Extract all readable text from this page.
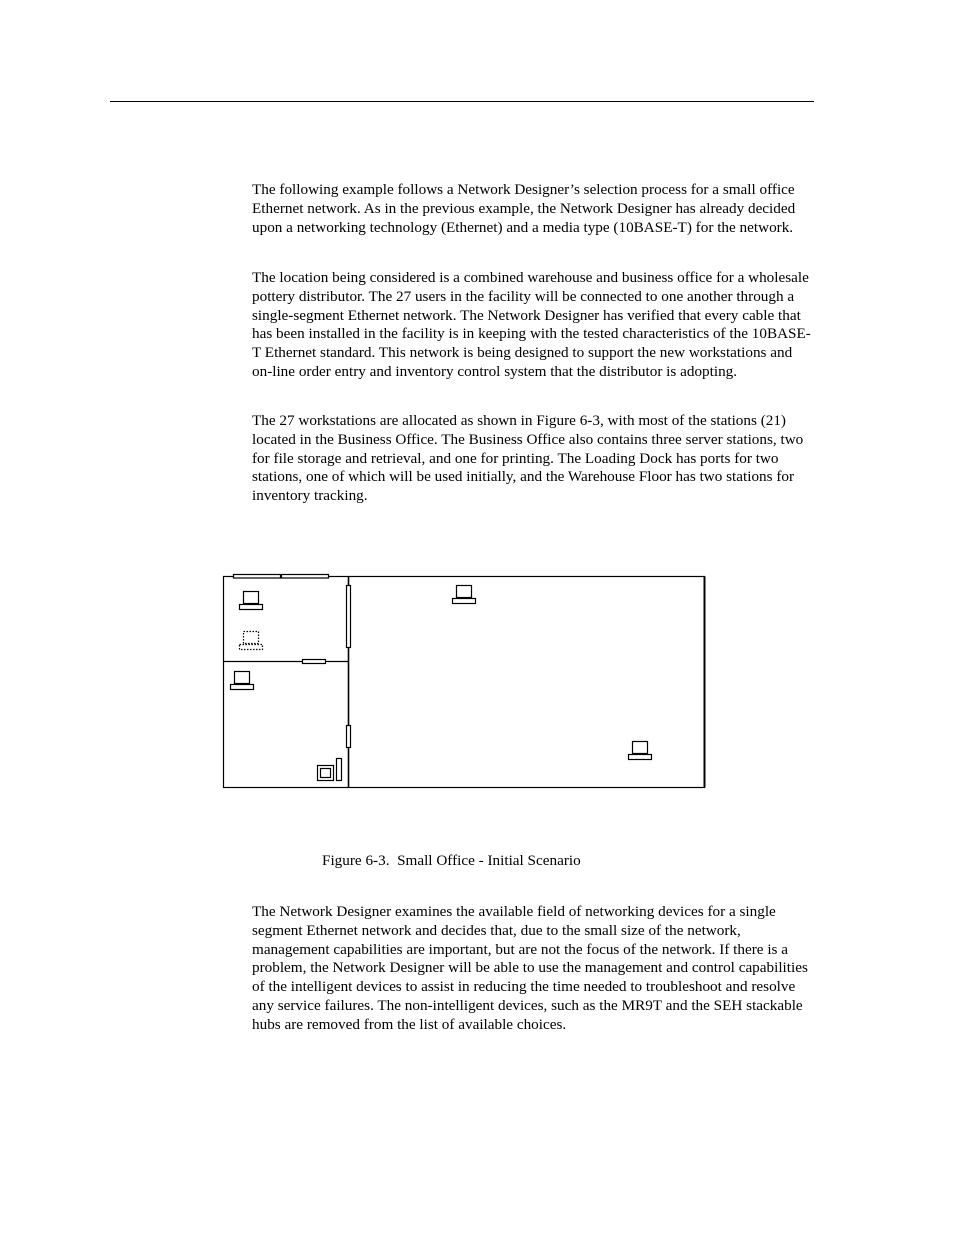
The following example follows a Network Designer’s selection process for a small office Ethernet network. As in the previous example, the Network Designer has already decided upon a networking technology (Ethernet) and a media type (10BASE-T) for the network.

The location being considered is a combined warehouse and business office for a wholesale pottery distributor. The 27 users in the facility will be connected to one another through a single-segment Ethernet network. The Network Designer has verified that every cable that has been installed in the facility is in keeping with the tested characteristics of the 10BASE-T Ethernet standard. This network is being designed to support the new workstations and on-line order entry and inventory control system that the distributor is adopting.

The 27 workstations are allocated as shown in Figure 6-3, with most of the stations (21) located in the Business Office. The Business Office also contains three server stations, two for file storage and retrieval, and one for printing. The Loading Dock has ports for two stations, one of which will be used initially, and the Warehouse Floor has two stations for inventory tracking.

Figure 6-3.  Small Office - Initial Scenario

The Network Designer examines the available field of networking devices for a single segment Ethernet network and decides that, due to the small size of the network, management capabilities are important, but are not the focus of the network. If there is a problem, the Network Designer will be able to use the management and control capabilities of the intelligent devices to assist in reducing the time needed to troubleshoot and resolve any service failures. The non-intelligent devices, such as the MR9T and the SEH stackable hubs are removed from the list of available choices.
